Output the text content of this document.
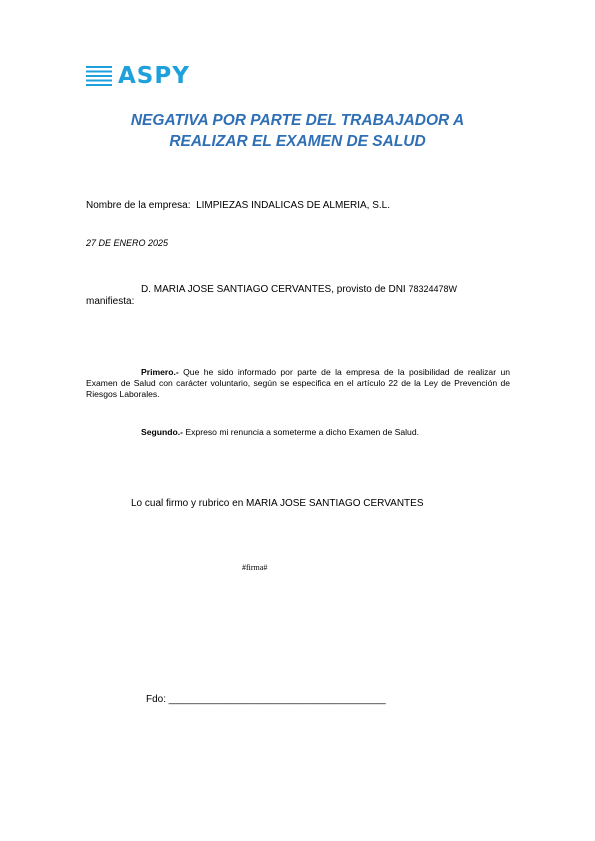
ASPY
NEGATIVA POR PARTE DEL TRABAJADOR A
REALIZAR EL EXAMEN DE SALUD
Nombre de la empresa: LIMPIEZAS INDALICAS DE ALMERIA, S.L.
27 DE ENERO 2025
D. MARIA JOSE SANTIAGO CERVANTES, provisto de DNI 78324478W
manifiesta:
Primero.- Que he sido informado por parte de la empresa de la posibilidad de realizar un Examen de Salud con carácter voluntario, según se especifica en el artículo 22 de la Ley de Prevención de Riesgos Laborales.
Segundo.- Expreso mi renuncia a someterme a dicho Examen de Salud.
Lo cual firmo y rubrico en MARIA JOSE SANTIAGO CERVANTES
#firma#
Fdo: _______________________________________
